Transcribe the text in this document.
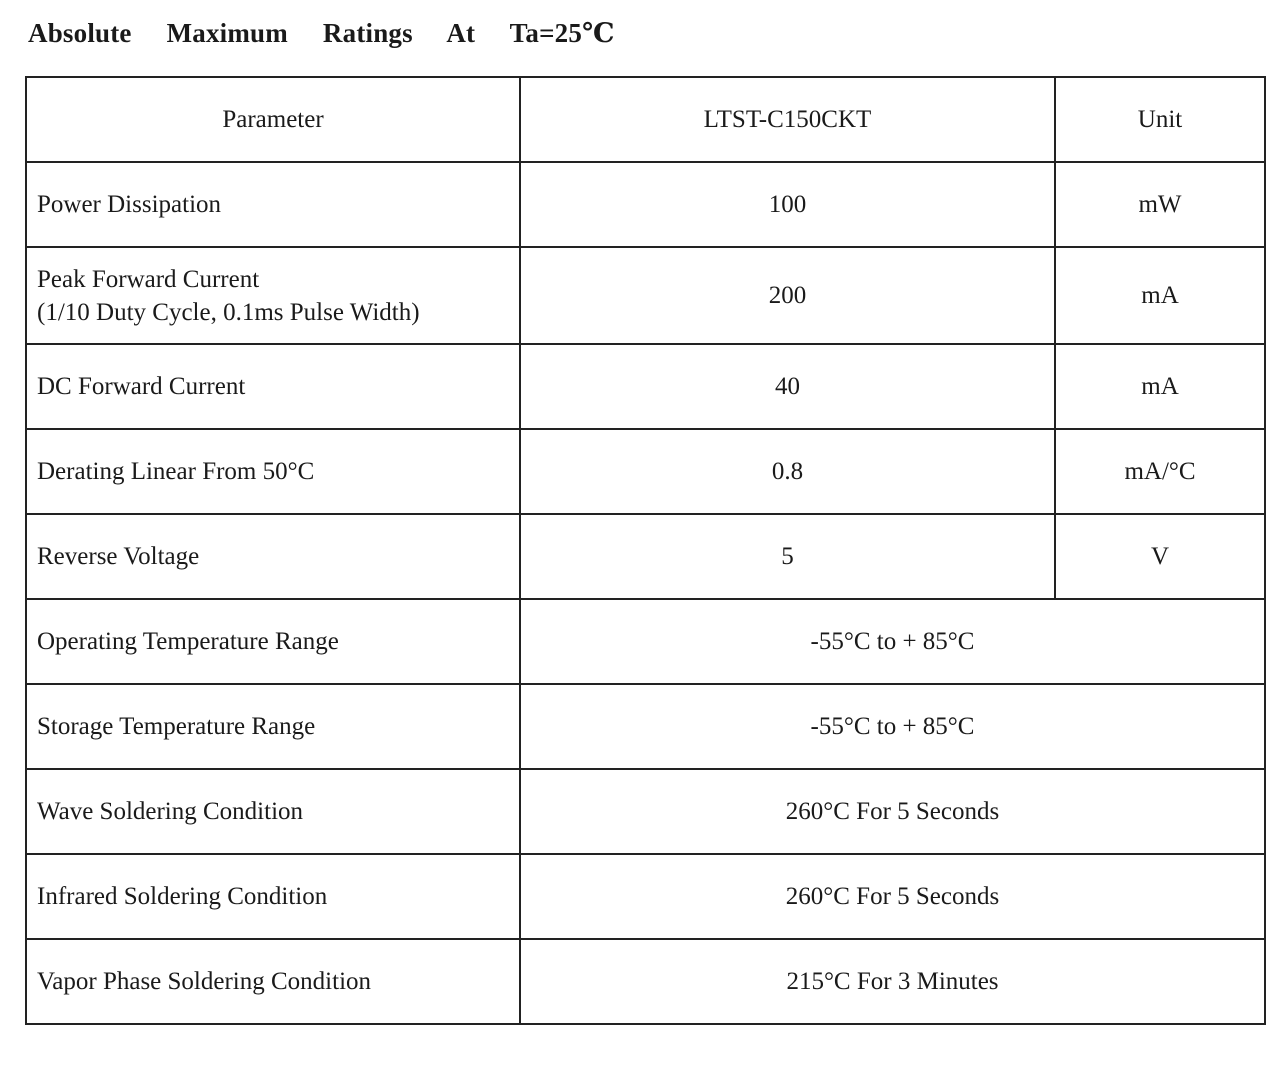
Absolute Maximum Ratings At Ta=25℃
Parameter	LTST-C150CKT	Unit
Power Dissipation	100	mW

Peak Forward Current
(1/10 Duty Cycle, 0.1ms Pulse Width)	200	mA
DC Forward Current	40	mA
Derating Linear From 50°C	0.8	mA/°C
Reverse Voltage	5	V
Operating Temperature Range	-55°C to + 85°C	
Storage Temperature Range	-55°C to + 85°C	
Wave Soldering Condition	260°C For 5 Seconds	
Infrared Soldering Condition	260°C For 5 Seconds	
Vapor Phase Soldering Condition	215°C For 3 Minutes	
